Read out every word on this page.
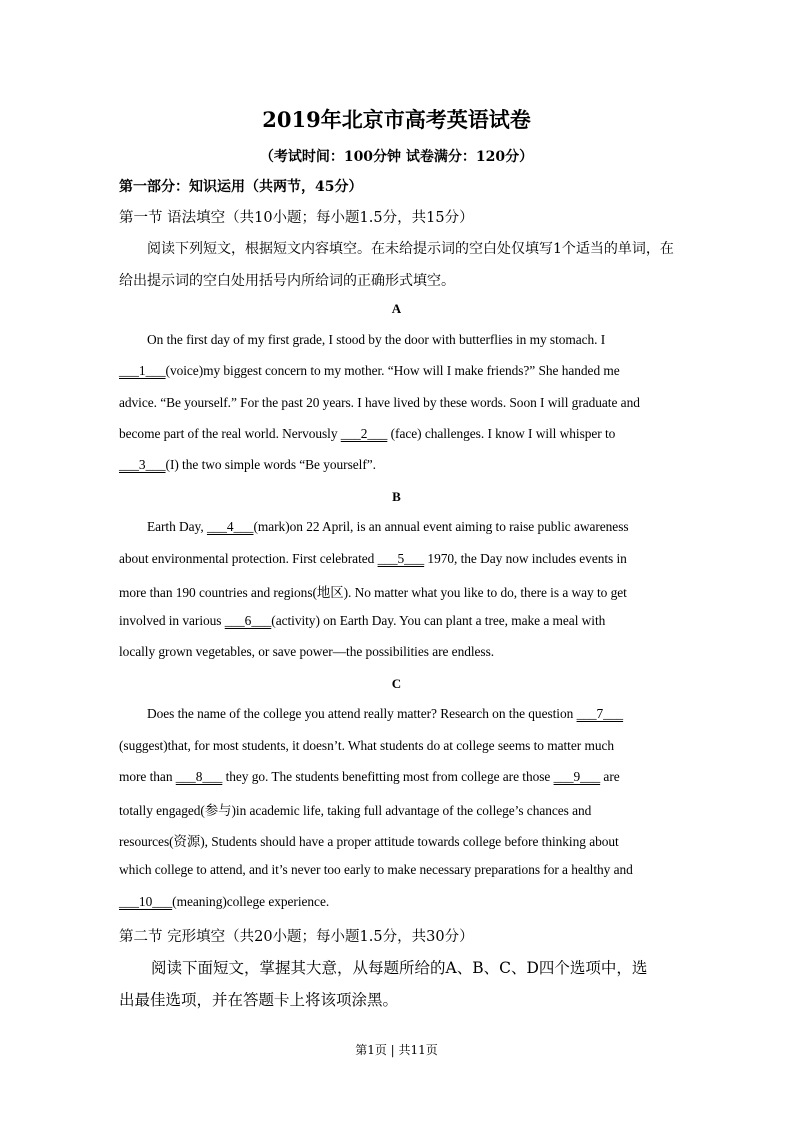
2019年北京市高考英语试卷
（考试时间：100分钟 试卷满分：120分）
第一部分：知识运用（共两节，45分）
第一节 语法填空（共10小题；每小题1.5分，共15分）
阅读下列短文，根据短文内容填空。在未给提示词的空白处仅填写1个适当的单词，在
给出提示词的空白处用括号内所给词的正确形式填空。
A
On the first day of my first grade, I stood by the door with butterflies in my stomach. I
___1___(voice)my biggest concern to my mother. “How will I make friends?” She handed me
advice. “Be yourself.” For the past 20 years. I have lived by these words. Soon I will graduate and
become part of the real world. Nervously ___2___ (face) challenges. I know I will whisper to
___3___(I) the two simple words “Be yourself”.
B
Earth Day, ___4___(mark)on 22 April, is an annual event aiming to raise public awareness
about environmental protection. First celebrated ___5___ 1970, the Day now includes events in
more than 190 countries and regions(地区). No matter what you like to do, there is a way to get
involved in various ___6___(activity) on Earth Day. You can plant a tree, make a meal with
locally grown vegetables, or save power—the possibilities are endless.
C
Does the name of the college you attend really matter? Research on the question ___7___
(suggest)that, for most students, it doesn’t. What students do at college seems to matter much
more than ___8___ they go. The students benefitting most from college are those ___9___ are
totally engaged(参与)in academic life, taking full advantage of the college’s chances and
resources(资源), Students should have a proper attitude towards college before thinking about
which college to attend, and it’s never too early to make necessary preparations for a healthy and
___10___(meaning)college experience.
第二节 完形填空（共20小题；每小题1.5分，共30分）
阅读下面短文，掌握其大意，从每题所给的A、B、C、D四个选项中，选
出最佳选项，并在答题卡上将该项涂黑。
第1页 | 共11页
